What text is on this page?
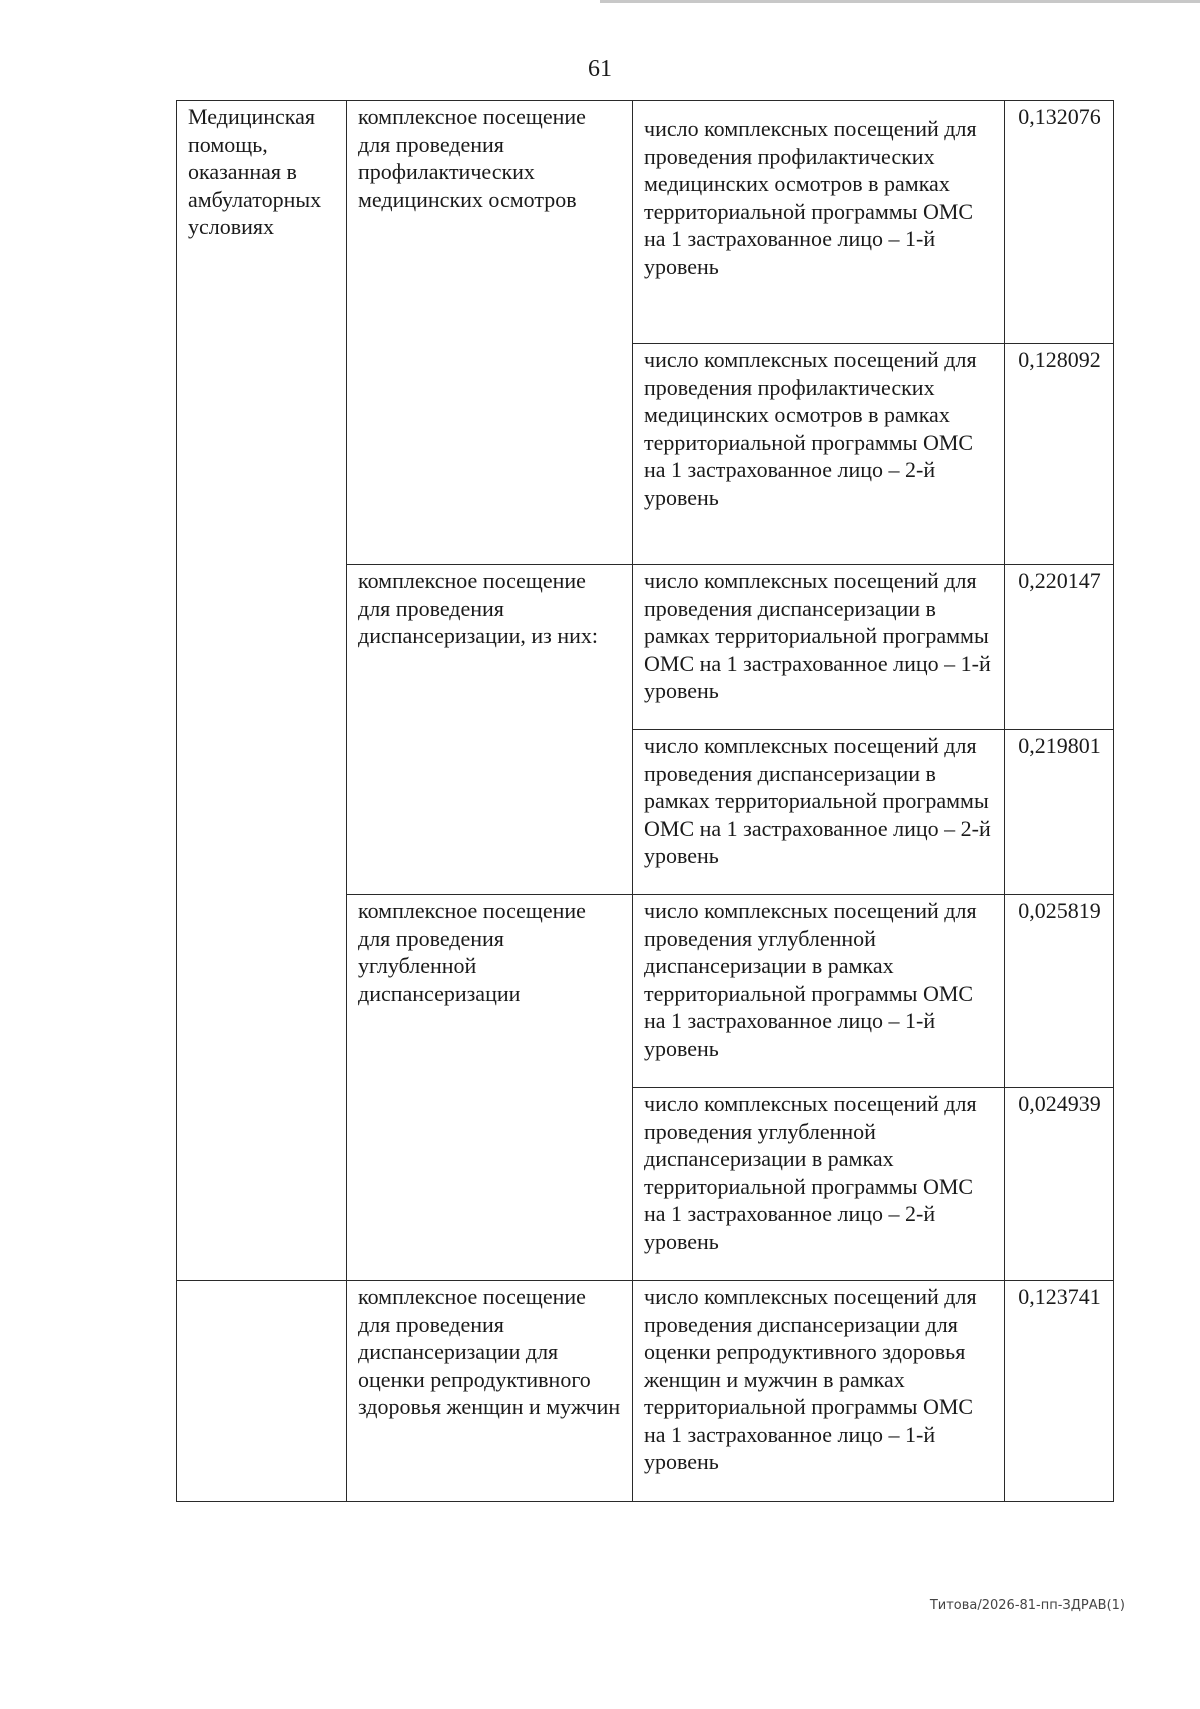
61
Медицинская помощь, оказанная в амбулаторных условиях	комплексное посещение для проведения профилактических медицинских осмотров	число комплексных посещений для проведения профилактических медицинских осмотров в рамках территориальной программы ОМС на 1 застрахованное лицо – 1-й уровень	0,132076
		число комплексных посещений для проведения профилактических медицинских осмотров в рамках территориальной программы ОМС на 1 застрахованное лицо – 2-й уровень	0,128092
	комплексное посещение для проведения диспансеризации, из них:	число комплексных посещений для проведения диспансеризации в рамках территориальной программы ОМС на 1 застрахованное лицо – 1-й уровень	0,220147
		число комплексных посещений для проведения диспансеризации в рамках территориальной программы ОМС на 1 застрахованное лицо – 2-й уровень	0,219801
	комплексное посещение для проведения углубленной диспансеризации	число комплексных посещений для проведения углубленной диспансеризации в рамках территориальной программы ОМС на 1 застрахованное лицо – 1-й уровень	0,025819
		число комплексных посещений для проведения углубленной диспансеризации в рамках территориальной программы ОМС на 1 застрахованное лицо – 2-й уровень	0,024939
	комплексное посещение для проведения диспансеризации для оценки репродуктивного здоровья женщин и мужчин	число комплексных посещений для проведения диспансеризации для оценки репродуктивного здоровья женщин и мужчин в рамках территориальной программы ОМС на 1 застрахованное лицо – 1-й уровень	0,123741
Титова/2026-81-пп-ЗДРАВ(1)
